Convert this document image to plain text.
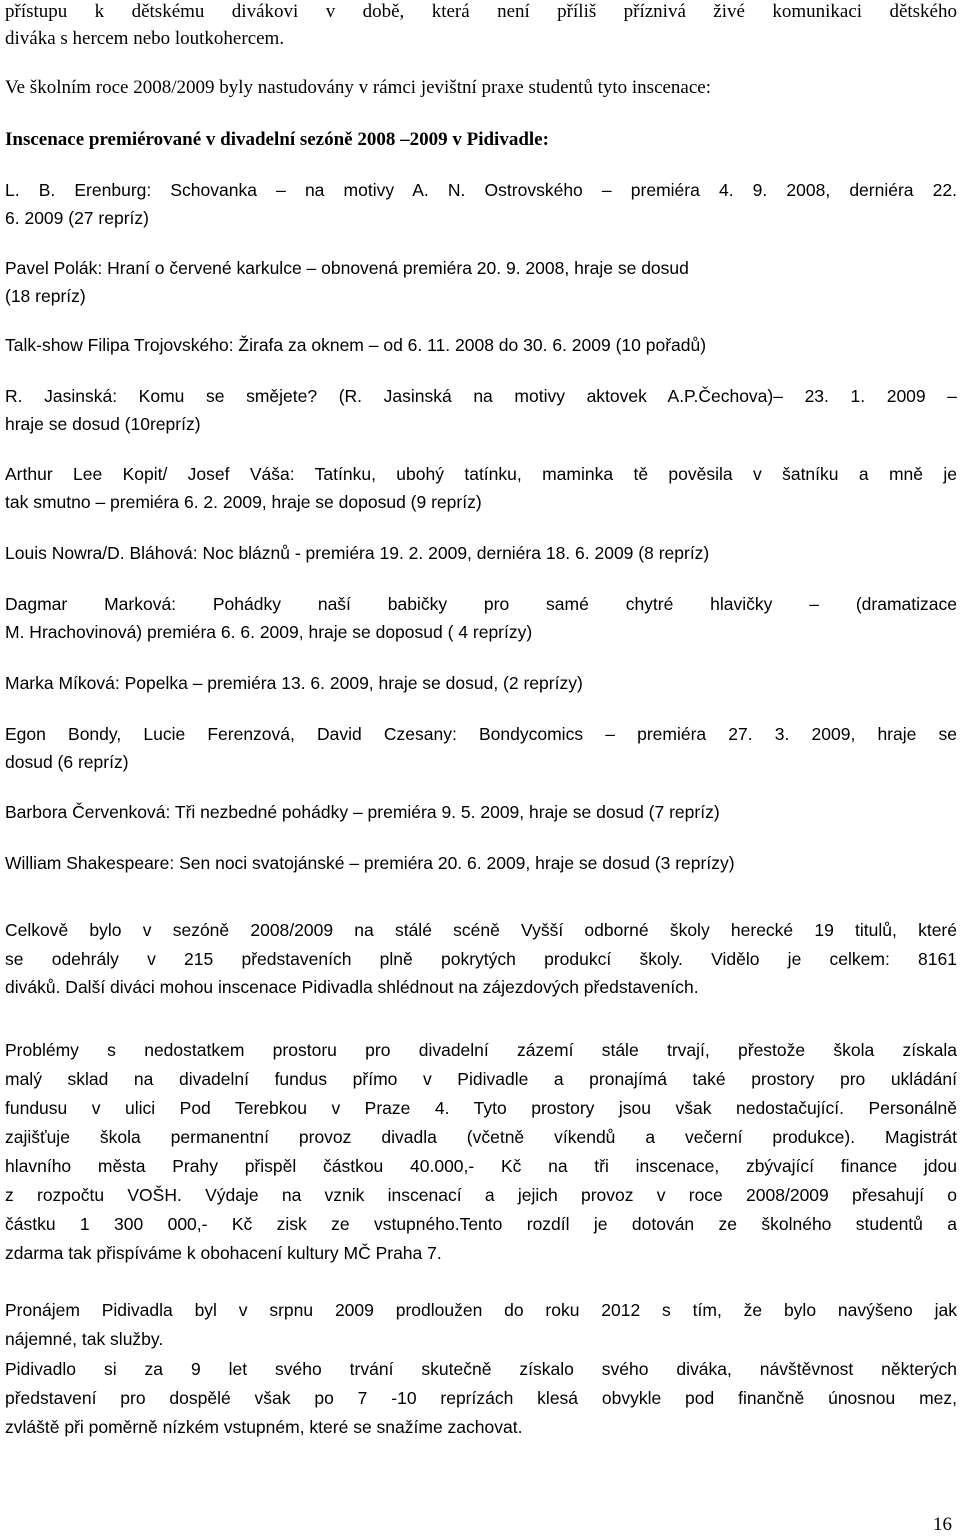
přístupu k dětskému divákovi v době, která není příliš příznivá živé komunikaci dětského
diváka s hercem nebo loutkohercem.
Ve školním roce 2008/2009 byly nastudovány v rámci jevištní praxe studentů tyto inscenace:
Inscenace premiérované v divadelní sezóně 2008 –2009 v Pidivadle:
L. B. Erenburg: Schovanka – na motivy A. N. Ostrovského – premiéra 4. 9. 2008, derniéra 22.
6. 2009 (27 repríz)
Pavel Polák: Hraní o červené karkulce – obnovená premiéra 20. 9. 2008, hraje se dosud
(18 repríz)
Talk-show Filipa Trojovského: Žirafa za oknem – od 6. 11. 2008 do 30. 6. 2009 (10 pořadů)
R. Jasinská: Komu se smějete? (R. Jasinská na motivy aktovek A.P.Čechova)– 23. 1. 2009 –
hraje se dosud (10repríz)
Arthur Lee Kopit/ Josef Váša: Tatínku, ubohý tatínku, maminka tě pověsila v šatníku a mně je
tak smutno – premiéra 6. 2. 2009, hraje se doposud (9 repríz)
Louis Nowra/D. Bláhová: Noc bláznů - premiéra 19. 2. 2009, derniéra 18. 6. 2009 (8 repríz)
Dagmar Marková: Pohádky naší babičky pro samé chytré hlavičky – (dramatizace
M. Hrachovinová) premiéra 6. 6. 2009, hraje se doposud ( 4 reprízy)
Marka Míková: Popelka – premiéra 13. 6. 2009, hraje se dosud, (2 reprízy)
Egon Bondy, Lucie Ferenzová, David Czesany: Bondycomics – premiéra 27. 3. 2009, hraje se
dosud (6 repríz)
Barbora Červenková: Tři nezbedné pohádky – premiéra 9. 5. 2009, hraje se dosud (7 repríz)
William Shakespeare: Sen noci svatojánské – premiéra 20. 6. 2009, hraje se dosud (3 reprízy)
Celkově bylo v sezóně 2008/2009 na stálé scéně Vyšší odborné školy herecké 19 titulů, které
se odehrály v 215 představeních plně pokrytých produkcí školy. Vidělo je celkem: 8161
diváků. Další diváci mohou inscenace Pidivadla shlédnout na zájezdových představeních.
Problémy s nedostatkem prostoru pro divadelní zázemí stále trvají, přestože škola získala
malý sklad na divadelní fundus přímo v Pidivadle a pronajímá také prostory pro ukládání
fundusu v ulici Pod Terebkou v Praze 4. Tyto prostory jsou však nedostačující. Personálně
zajišťuje škola permanentní provoz divadla (včetně víkendů a večerní produkce). Magistrát
hlavního města Prahy přispěl částkou 40.000,- Kč na tři inscenace, zbývající finance jdou
z rozpočtu VOŠH. Výdaje na vznik inscenací a jejich provoz v roce 2008/2009 přesahují o
částku 1 300 000,- Kč zisk ze vstupného.Tento rozdíl je dotován ze školného studentů a
zdarma tak přispíváme k obohacení kultury MČ Praha 7.
Pronájem Pidivadla byl v srpnu 2009 prodloužen do roku 2012 s tím, že bylo navýšeno jak
nájemné, tak služby.
Pidivadlo si za 9 let svého trvání skutečně získalo svého diváka, návštěvnost některých
představení pro dospělé však po 7 -10 reprízách klesá obvykle pod finančně únosnou mez,
zvláště při poměrně nízkém vstupném, které se snažíme zachovat.
16
